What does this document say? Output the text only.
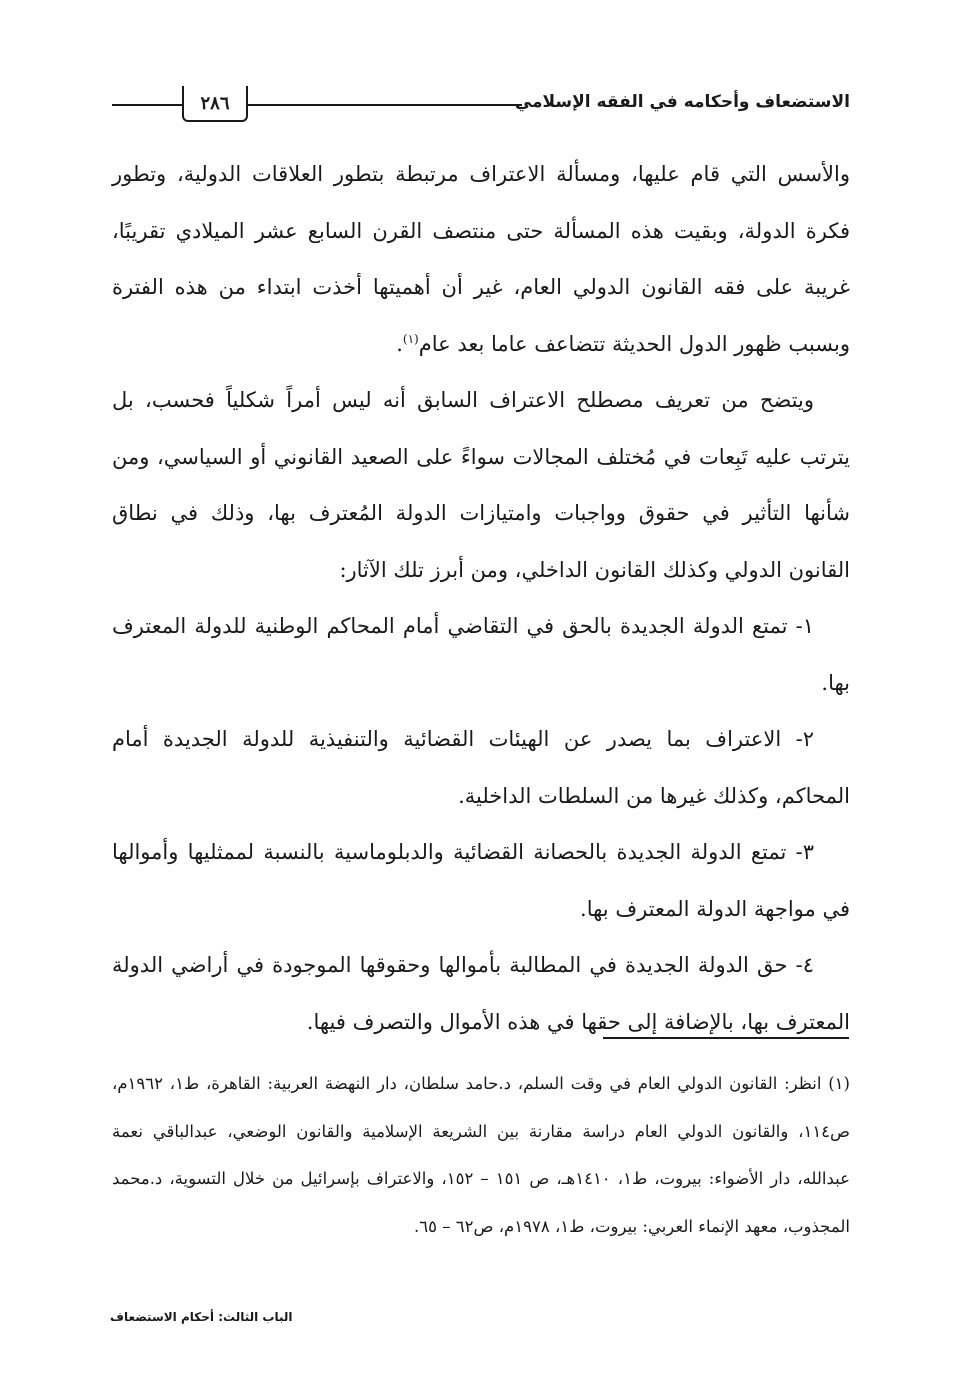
الاستضعاف وأحكامه في الفقه الإسلامي
٢٨٦

والأسس التي قام عليها، ومسألة الاعتراف مرتبطة بتطور العلاقات الدولية، وتطور فكرة الدولة، وبقيت هذه المسألة حتى منتصف القرن السابع عشر الميلادي تقريبًا، غريبة على فقه القانون الدولي العام، غير أن أهميتها أخذت ابتداء من هذه الفترة وبسبب ظهور الدول الحديثة تتضاعف عاما بعد عام$^{(١)}$.

ويتضح من تعريف مصطلح الاعتراف السابق أنه ليس أمراً شكلياً فحسب، بل يترتب عليه تَبِعات في مُختلف المجالات سواءً على الصعيد القانوني أو السياسي، ومن شأنها التأثير في حقوق وواجبات وامتيازات الدولة المُعترف بها، وذلك في نطاق القانون الدولي وكذلك القانون الداخلي، ومن أبرز تلك الآثار:

١- تمتع الدولة الجديدة بالحق في التقاضي أمام المحاكم الوطنية للدولة المعترف بها.

٢- الاعتراف بما يصدر عن الهيئات القضائية والتنفيذية للدولة الجديدة أمام المحاكم، وكذلك غيرها من السلطات الداخلية.

٣- تمتع الدولة الجديدة بالحصانة القضائية والدبلوماسية بالنسبة لممثليها وأموالها في مواجهة الدولة المعترف بها.

٤- حق الدولة الجديدة في المطالبة بأموالها وحقوقها الموجودة في أراضي الدولة المعترف بها، بالإضافة إلى حقها في هذه الأموال والتصرف فيها.

(١) انظر: القانون الدولي العام في وقت السلم، د.حامد سلطان، دار النهضة العربية: القاهرة، ط١، ١٩٦٢م، ص١١٤، والقانون الدولي العام دراسة مقارنة بين الشريعة الإسلامية والقانون الوضعي، عبدالباقي نعمة عبدالله، دار الأضواء: بيروت، ط١، ١٤١٠هـ، ص ١٥١ – ١٥٢، والاعتراف بإسرائيل من خلال التسوية، د.محمد المجذوب، معهد الإنماء العربي: بيروت، ط١، ١٩٧٨م، ص٦٢ – ٦٥.

الباب الثالث: أحكام الاستضعاف
